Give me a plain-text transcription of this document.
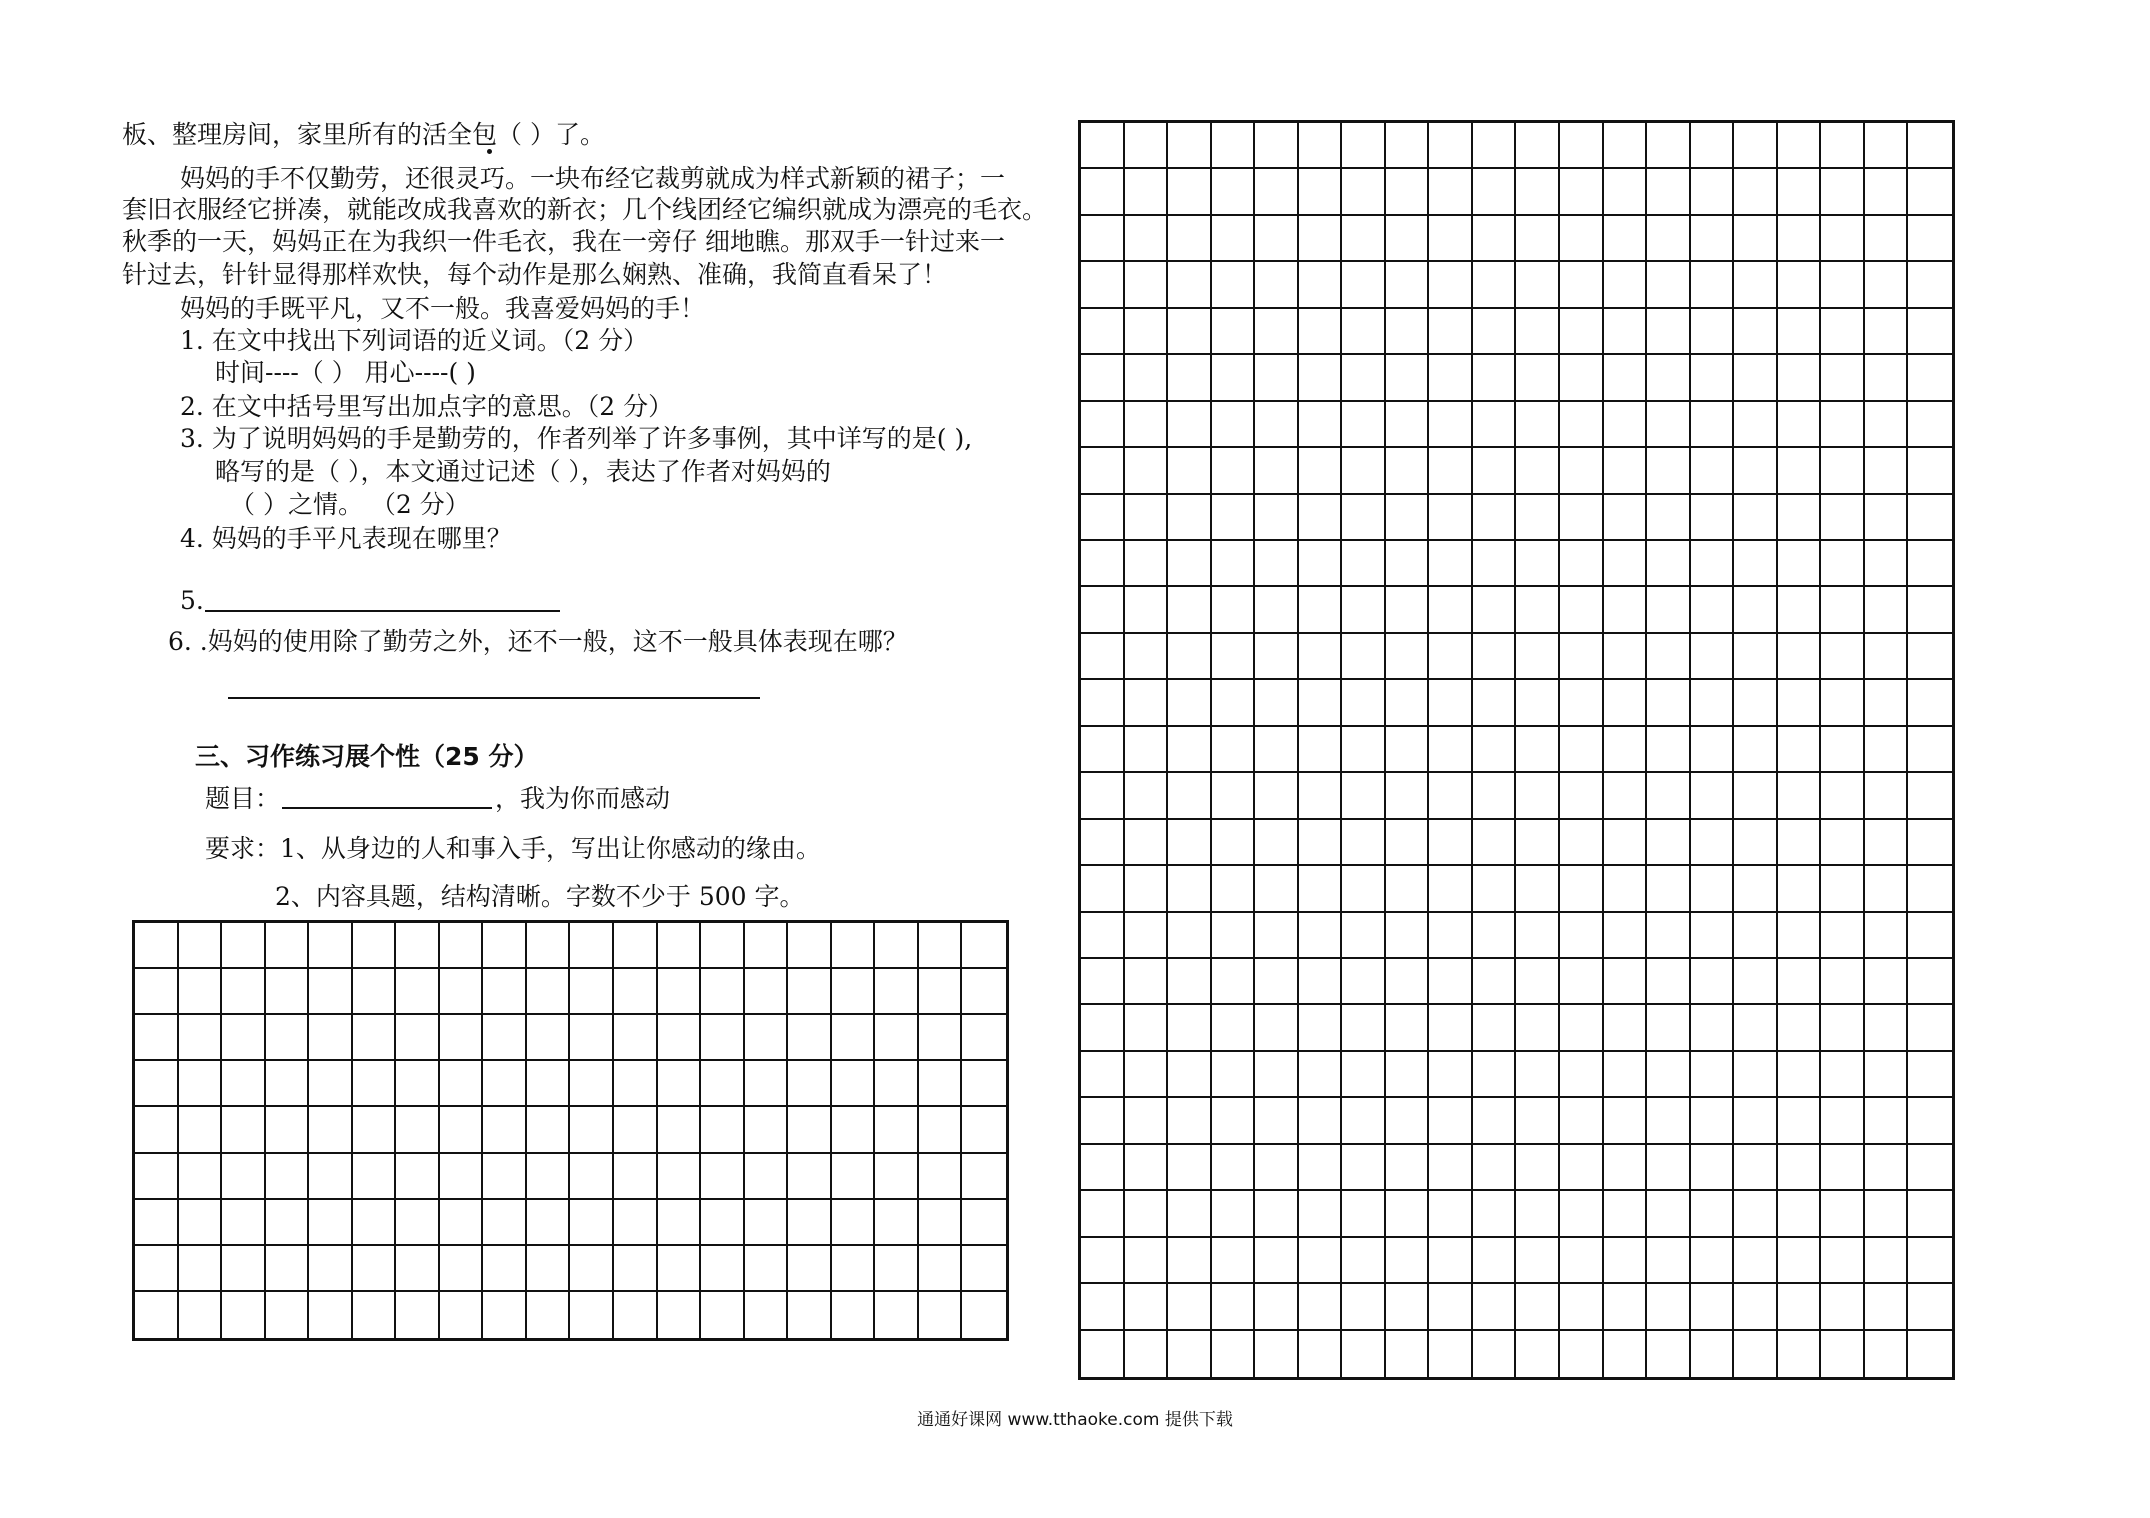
板、整理房间，家里所有的活全包（ ）了。
妈妈的手不仅勤劳，还很灵巧。一块布经它裁剪就成为样式新颖的裙子；一
套旧衣服经它拼凑，就能改成我喜欢的新衣；几个线团经它编织就成为漂亮的毛衣。
秋季的一天，妈妈正在为我织一件毛衣，我在一旁仔 细地瞧。那双手一针过来一
针过去，针针显得那样欢快，每个动作是那么娴熟、准确，我简直看呆了！
妈妈的手既平凡，又不一般。我喜爱妈妈的手！
1. 在文中找出下列词语的近义词。（2 分）
时间----（ ） 用心----( )
2. 在文中括号里写出加点字的意思。（2 分）
3. 为了说明妈妈的手是勤劳的，作者列举了许多事例，其中详写的是( ),
略写的是（ ），本文通过记述（ ），表达了作者对妈妈的
（ ）之情。 （2 分）
4. 妈妈的手平凡表现在哪里？
5.
6. .妈妈的使用除了勤劳之外，还不一般，这不一般具体表现在哪？
三、习作练习展个性（25 分）
题目：	，我为你而感动
要求：1、从身边的人和事入手，写出让你感动的缘由。
2、内容具题，结构清晰。字数不少于 500 字。
通通好课网 www.tthaoke.com 提供下载
